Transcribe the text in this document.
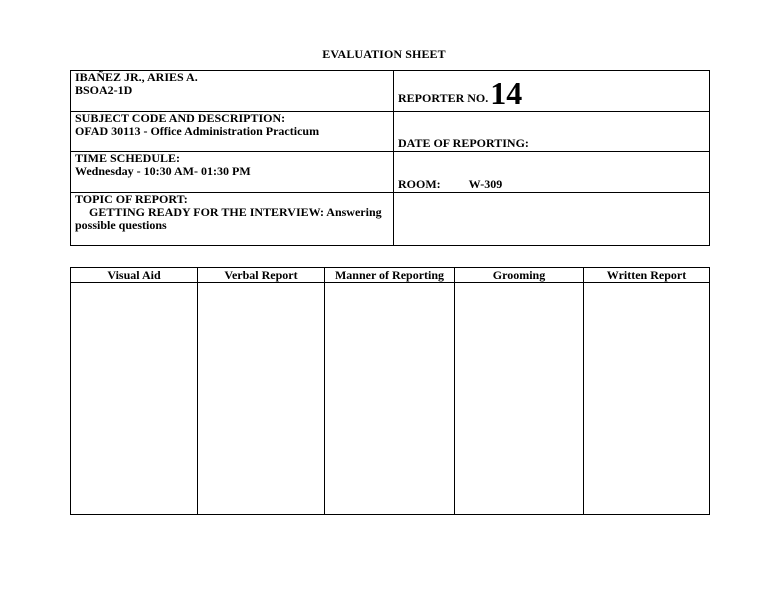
EVALUATION SHEET
IBAÑEZ JR., ARIES A.
BSOA2-1D	REPORTER NO.14

SUBJECT CODE AND DESCRIPTION:
OFAD 30113 - Office Administration Practicum	DATE OF REPORTING:

TIME SCHEDULE:
Wednesday - 10:30 AM- 01:30 PM	ROOM: W-309

TOPIC OF REPORT:
GETTING READY FOR THE INTERVIEW: Answering
possible questions	

Visual Aid	Verbal Report	Manner of Reporting	Grooming	Written Report
